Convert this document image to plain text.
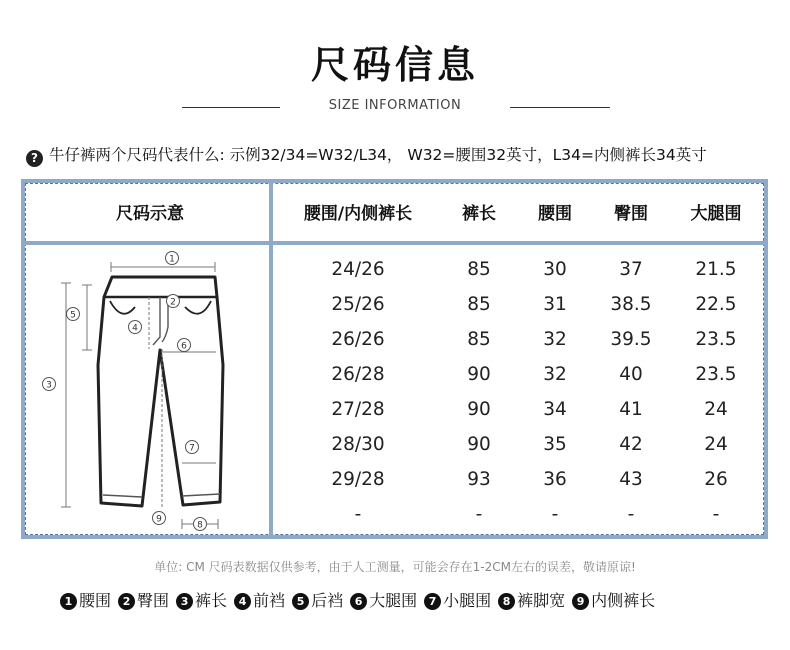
尺码信息
SIZE INFORMATION
? 牛仔裤两个尺码代表什么: 示例32/34=W32/L34， W32=腰围32英寸，L34=内侧裤长34英寸
尺码示意	腰围/内侧裤长	裤长	腰围	臀围	大腿围
24/26	85	30	37	21.5
25/26	85	31	38.5	22.5
26/26	85	32	39.5	23.5
26/28	90	32	40	23.5
27/28	90	34	41	24
28/30	90	35	42	24
29/28	93	36	43	26
-	-	-	-	-
1
2
3
4
5
6
7
8
9
单位: CM 尺码表数据仅供参考，由于人工测量，可能会存在1-2CM左右的误差，敬请原谅!
1 腰围 2 臀围 3 裤长 4 前裆 5 后裆 6 大腿围 7 小腿围 8 裤脚宽 9 内侧裤长
